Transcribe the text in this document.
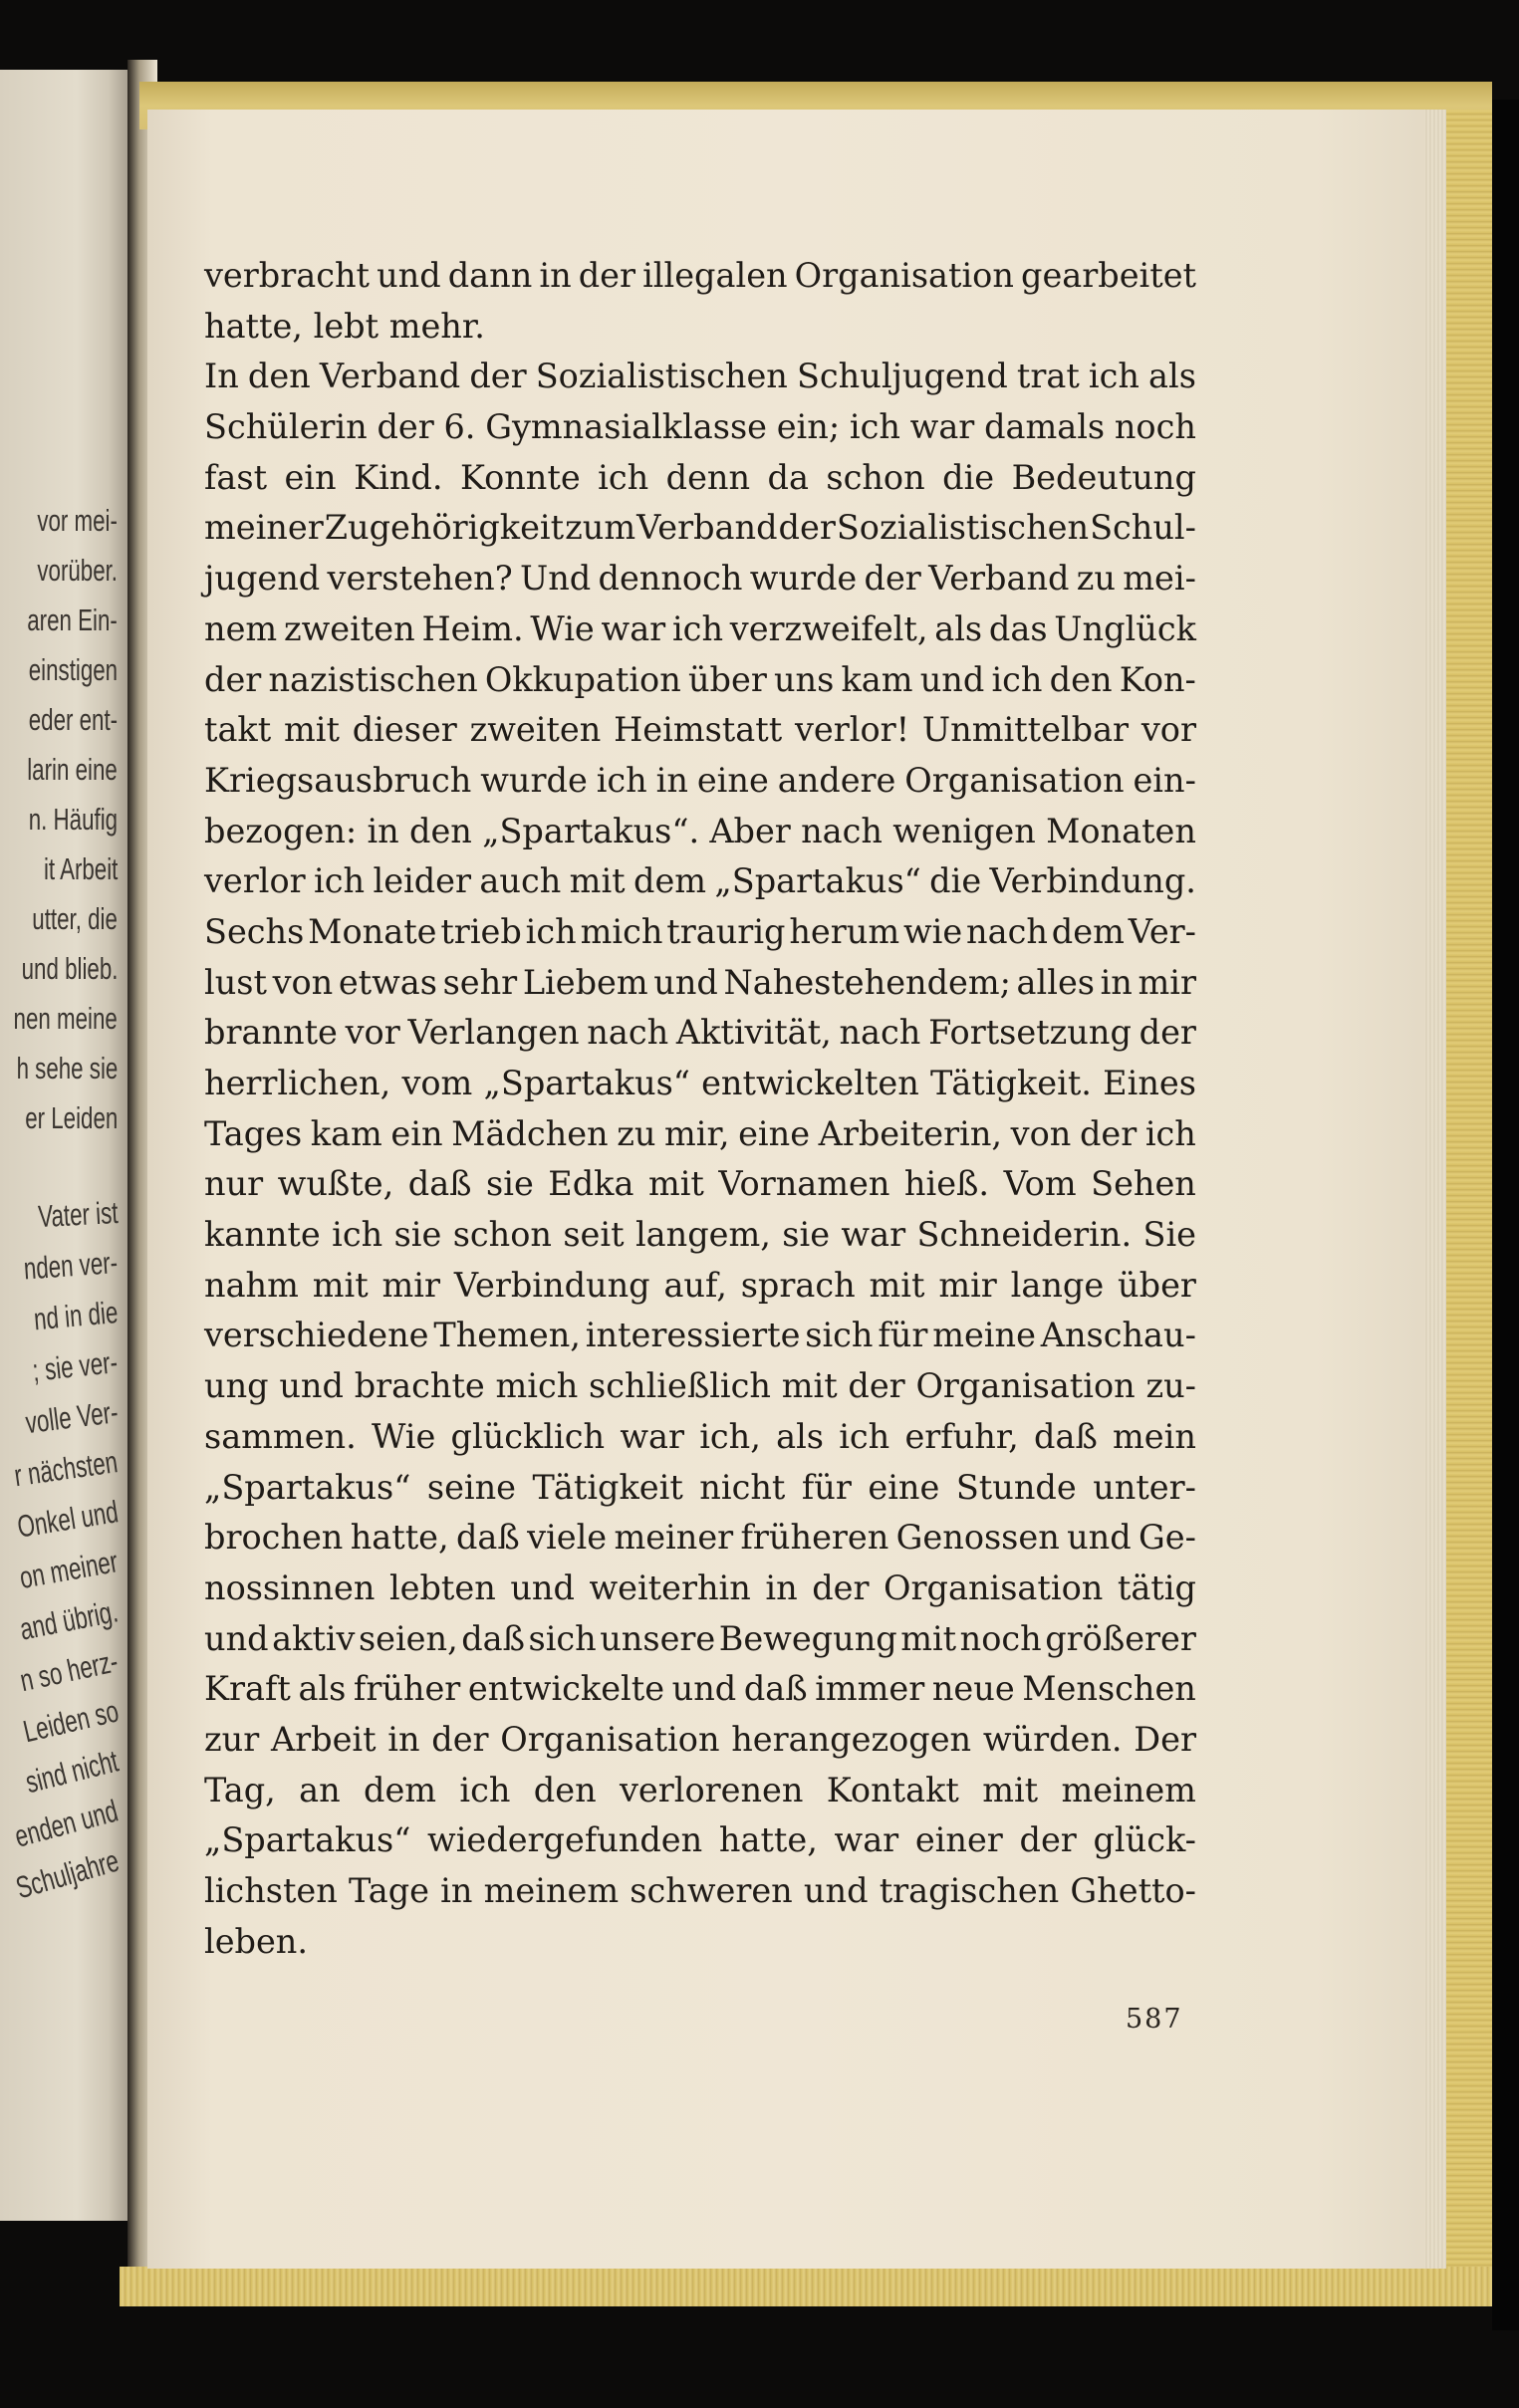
vor mei-
vorüber.
aren Ein-
einstigen
eder ent-
larin eine
n. Häufig
it Arbeit
utter, die
und blieb.
nen meine
h sehe sie
er Leiden
Vater ist
nden ver-
nd in die
; sie ver-
volle Ver-
r nächsten
Onkel und
on meiner
and übrig.
n so herz-
Leiden so
sind nicht
enden und
Schuljahre
verbracht und dann in der illegalen Organisation gearbeitet
hatte, lebt mehr.
In den Verband der Sozialistischen Schuljugend trat ich als
Schülerin der 6. Gymnasialklasse ein; ich war damals noch
fast ein Kind. Konnte ich denn da schon die Bedeutung
meiner Zugehörigkeit zum Verband der Sozialistischen Schul-
jugend verstehen? Und dennoch wurde der Verband zu mei-
nem zweiten Heim. Wie war ich verzweifelt, als das Unglück
der nazistischen Okkupation über uns kam und ich den Kon-
takt mit dieser zweiten Heimstatt verlor! Unmittelbar vor
Kriegsausbruch wurde ich in eine andere Organisation ein-
bezogen: in den „Spartakus“. Aber nach wenigen Monaten
verlor ich leider auch mit dem „Spartakus“ die Verbindung.
Sechs Monate trieb ich mich traurig herum wie nach dem Ver-
lust von etwas sehr Liebem und Nahestehendem; alles in mir
brannte vor Verlangen nach Aktivität, nach Fortsetzung der
herrlichen, vom „Spartakus“ entwickelten Tätigkeit. Eines
Tages kam ein Mädchen zu mir, eine Arbeiterin, von der ich
nur wußte, daß sie Edka mit Vornamen hieß. Vom Sehen
kannte ich sie schon seit langem, sie war Schneiderin. Sie
nahm mit mir Verbindung auf, sprach mit mir lange über
verschiedene Themen, interessierte sich für meine Anschau-
ung und brachte mich schließlich mit der Organisation zu-
sammen. Wie glücklich war ich, als ich erfuhr, daß mein
„Spartakus“ seine Tätigkeit nicht für eine Stunde unter-
brochen hatte, daß viele meiner früheren Genossen und Ge-
nossinnen lebten und weiterhin in der Organisation tätig
und aktiv seien, daß sich unsere Bewegung mit noch größerer
Kraft als früher entwickelte und daß immer neue Menschen
zur Arbeit in der Organisation herangezogen würden. Der
Tag, an dem ich den verlorenen Kontakt mit meinem
„Spartakus“ wiedergefunden hatte, war einer der glück-
lichsten Tage in meinem schweren und tragischen Ghetto-
leben.
587
